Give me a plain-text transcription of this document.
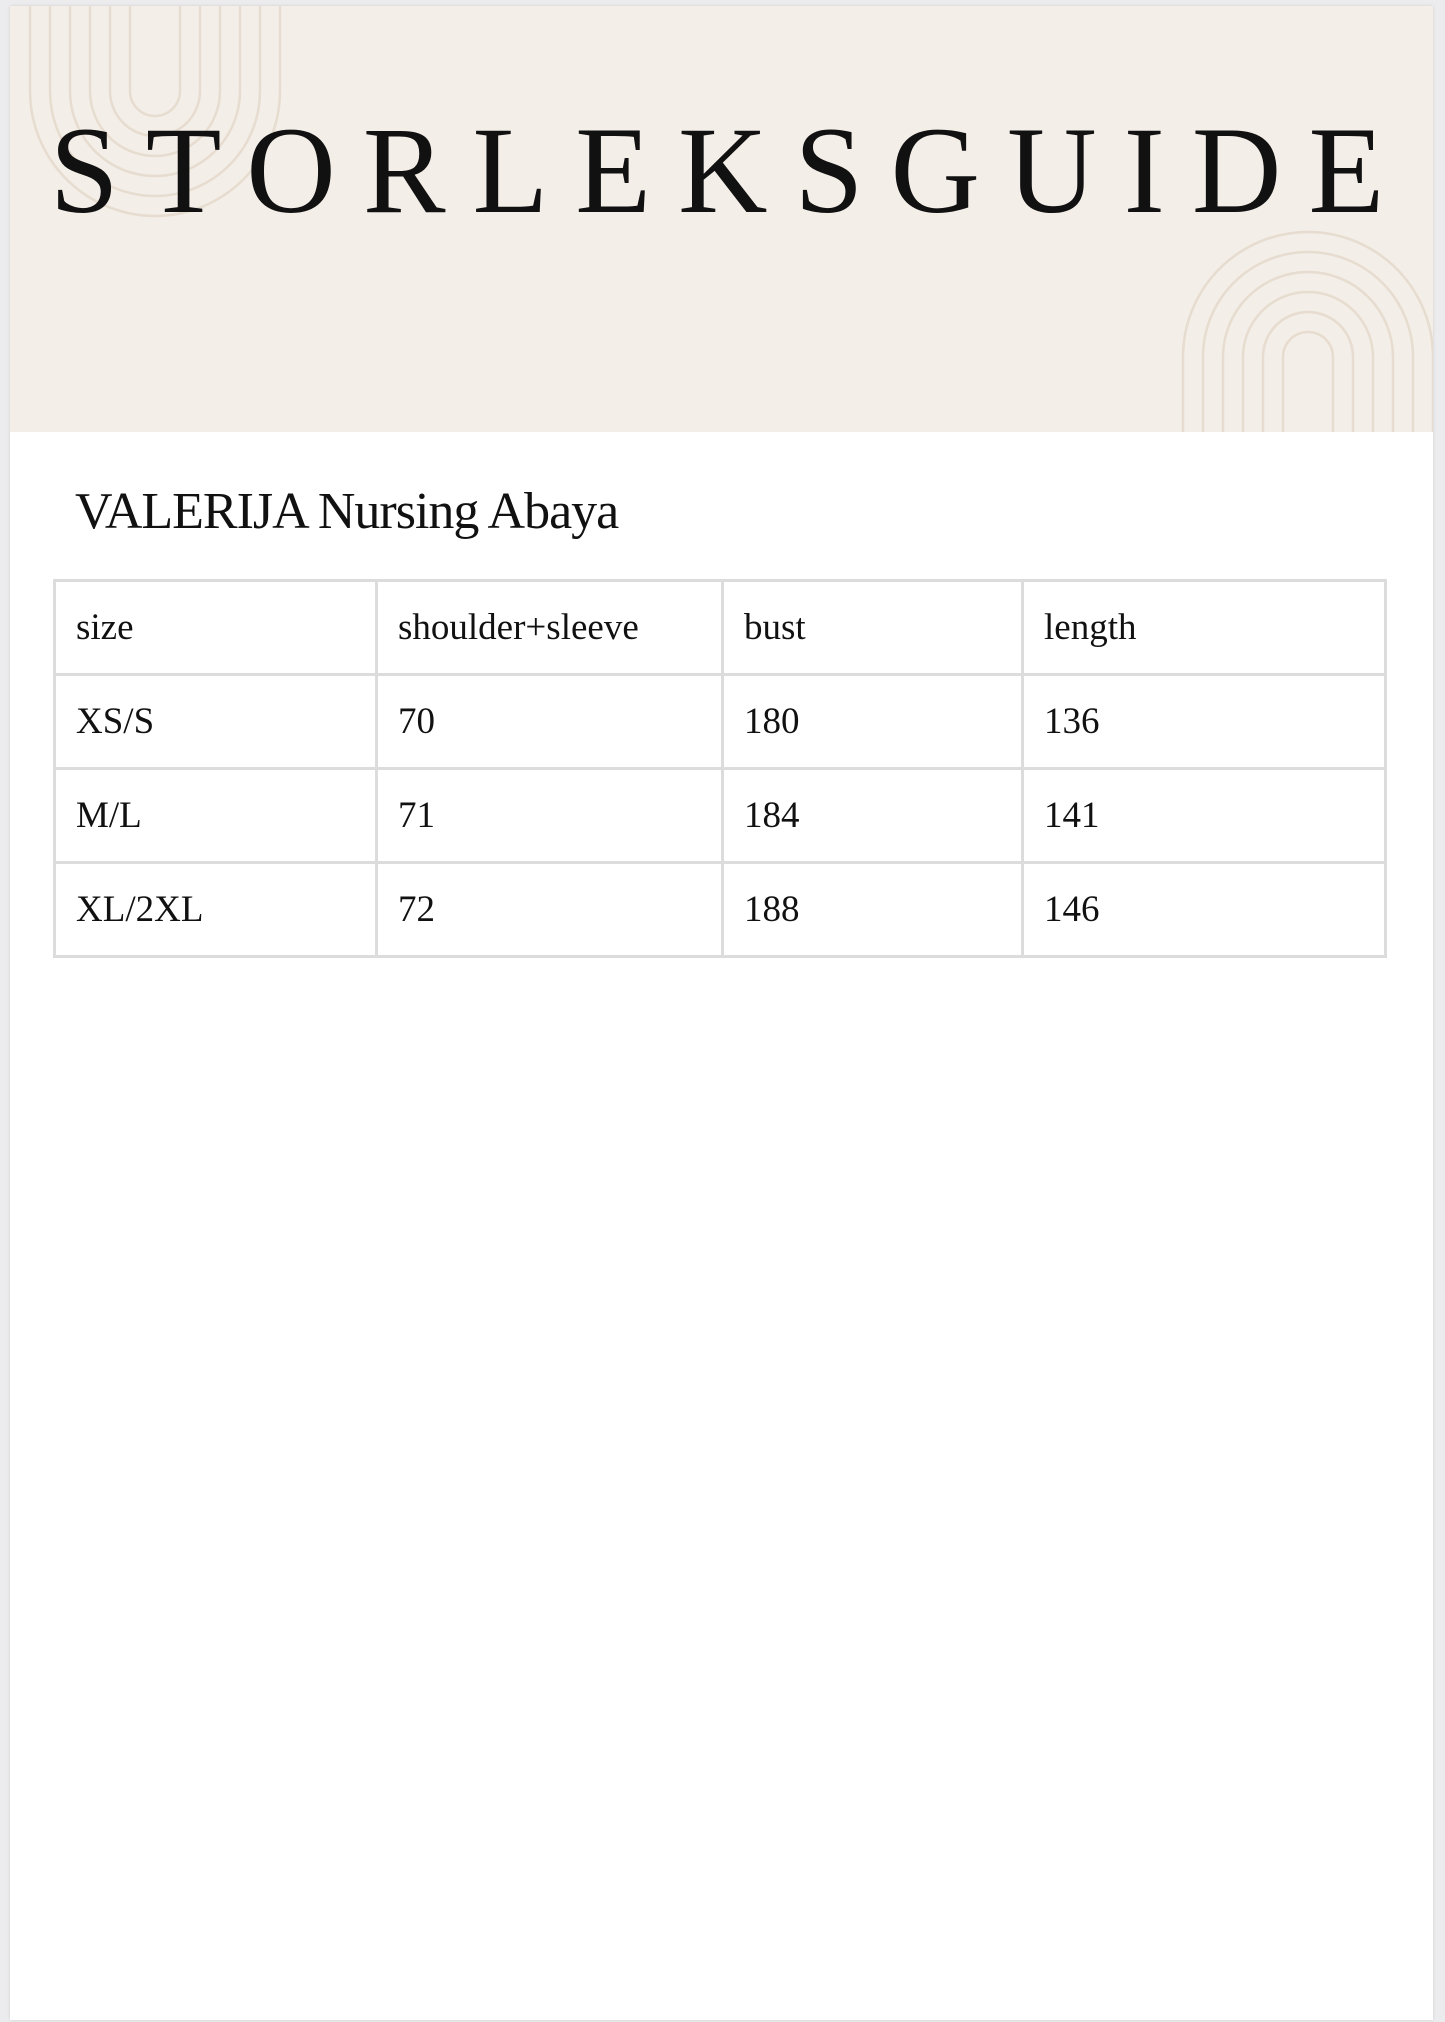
STORLEKSGUIDE
VALERIJA Nursing Abaya
size	shoulder+sleeve	bust	length
XS/S	70	180	136
M/L	71	184	141
XL/2XL	72	188	146
